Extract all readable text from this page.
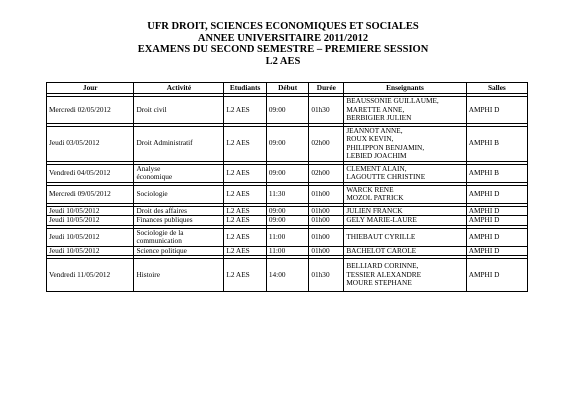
UFR DROIT, SCIENCES ECONOMIQUES ET SOCIALES
ANNEE UNIVERSITAIRE 2011/2012
EXAMENS DU SECOND SEMESTRE – PREMIERE SESSION
L2 AES
Jour	Activité	Etudiants	Début	Durée	Enseignants	Salles

Mercredi 02/05/2012	Droit civil	L2 AES	09:00	01h30	BEAUSSONIE GUILLAUME,
MARETTE ANNE,
BERBIGIER JULIEN	AMPHI D

Jeudi 03/05/2012	Droit Administratif	L2 AES	09:00	02h00	JEANNOT ANNE,
ROUX KEVIN,
PHILIPPON BENJAMIN,
LEBIED JOACHIM	AMPHI B

Vendredi 04/05/2012	Analyse
économique	L2 AES	09:00	02h00	CLEMENT ALAIN,
LAGOUTTE CHRISTINE	AMPHI B

Mercredi 09/05/2012	Sociologie	L2 AES	11:30	01h00	WARCK RENE
MOZOL PATRICK	AMPHI D

Jeudi 10/05/2012	Droit des affaires	L2 AES	09:00	01h00	JULIEN FRANCK	AMPHI D
Jeudi 10/05/2012	Finances publiques	L2 AES	09:00	01h00	GELY MARIE-LAURE	AMPHI D

Jeudi 10/05/2012	Sociologie de la
communication	L2 AES	11:00	01h00	THIEBAUT CYRILLE	AMPHI D
Jeudi 10/05/2012	Science politique	L2 AES	11:00	01h00	BACHELOT CAROLE	AMPHI D

Vendredi 11/05/2012	Histoire	L2 AES	14:00	01h30	BELLIARD CORINNE,
TESSIER ALEXANDRE
MOURE STEPHANE	AMPHI D
